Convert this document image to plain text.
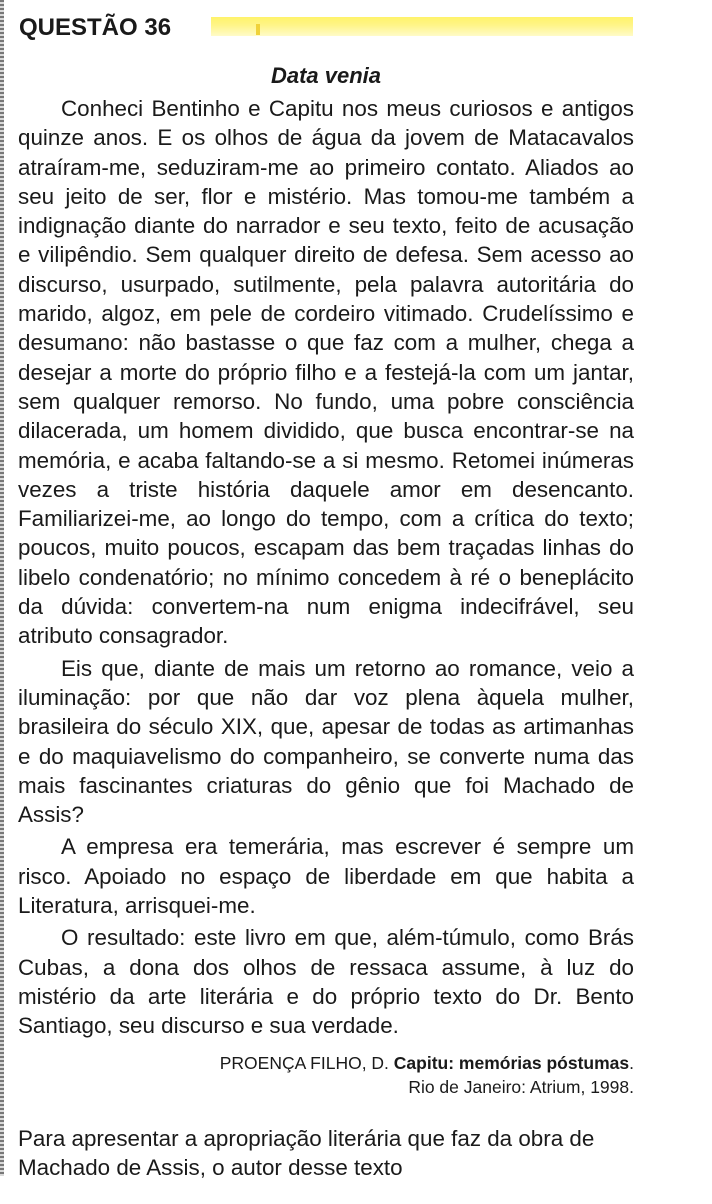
QUESTÃO 36
Data venia

Conheci Bentinho e Capitu nos meus curiosos e antigos quinze anos. E os olhos de água da jovem de Matacavalos atraíram-me, seduziram-me ao primeiro contato. Aliados ao seu jeito de ser, flor e mistério. Mas tomou-me também a indignação diante do narrador e seu texto, feito de acusação e vilipêndio. Sem qualquer direito de defesa. Sem acesso ao discurso, usurpado, sutilmente, pela palavra autoritária do marido, algoz, em pele de cordeiro vitimado. Crudelíssimo e desumano: não bastasse o que faz com a mulher, chega a desejar a morte do próprio filho e a festejá-la com um jantar, sem qualquer remorso. No fundo, uma pobre consciência dilacerada, um homem dividido, que busca encontrar-se na memória, e acaba faltando-se a si mesmo. Retomei inúmeras vezes a triste história daquele amor em desencanto. Familiarizei-me, ao longo do tempo, com a crítica do texto; poucos, muito poucos, escapam das bem traçadas linhas do libelo condenatório; no mínimo concedem à ré o beneplácito da dúvida: convertem-na num enigma indecifrável, seu atributo consagrador.

Eis que, diante de mais um retorno ao romance, veio a iluminação: por que não dar voz plena àquela mulher, brasileira do século XIX, que, apesar de todas as artimanhas e do maquiavelismo do companheiro, se converte numa das mais fascinantes criaturas do gênio que foi Machado de Assis?

A empresa era temerária, mas escrever é sempre um risco. Apoiado no espaço de liberdade em que habita a Literatura, arrisquei-me.

O resultado: este livro em que, além-túmulo, como Brás Cubas, a dona dos olhos de ressaca assume, à luz do mistério da arte literária e do próprio texto do Dr. Bento Santiago, seu discurso e sua verdade.

PROENÇA FILHO, D. Capitu: memórias póstumas.
Rio de Janeiro: Atrium, 1998.

Para apresentar a apropriação literária que faz da obra de Machado de Assis, o autor desse texto
